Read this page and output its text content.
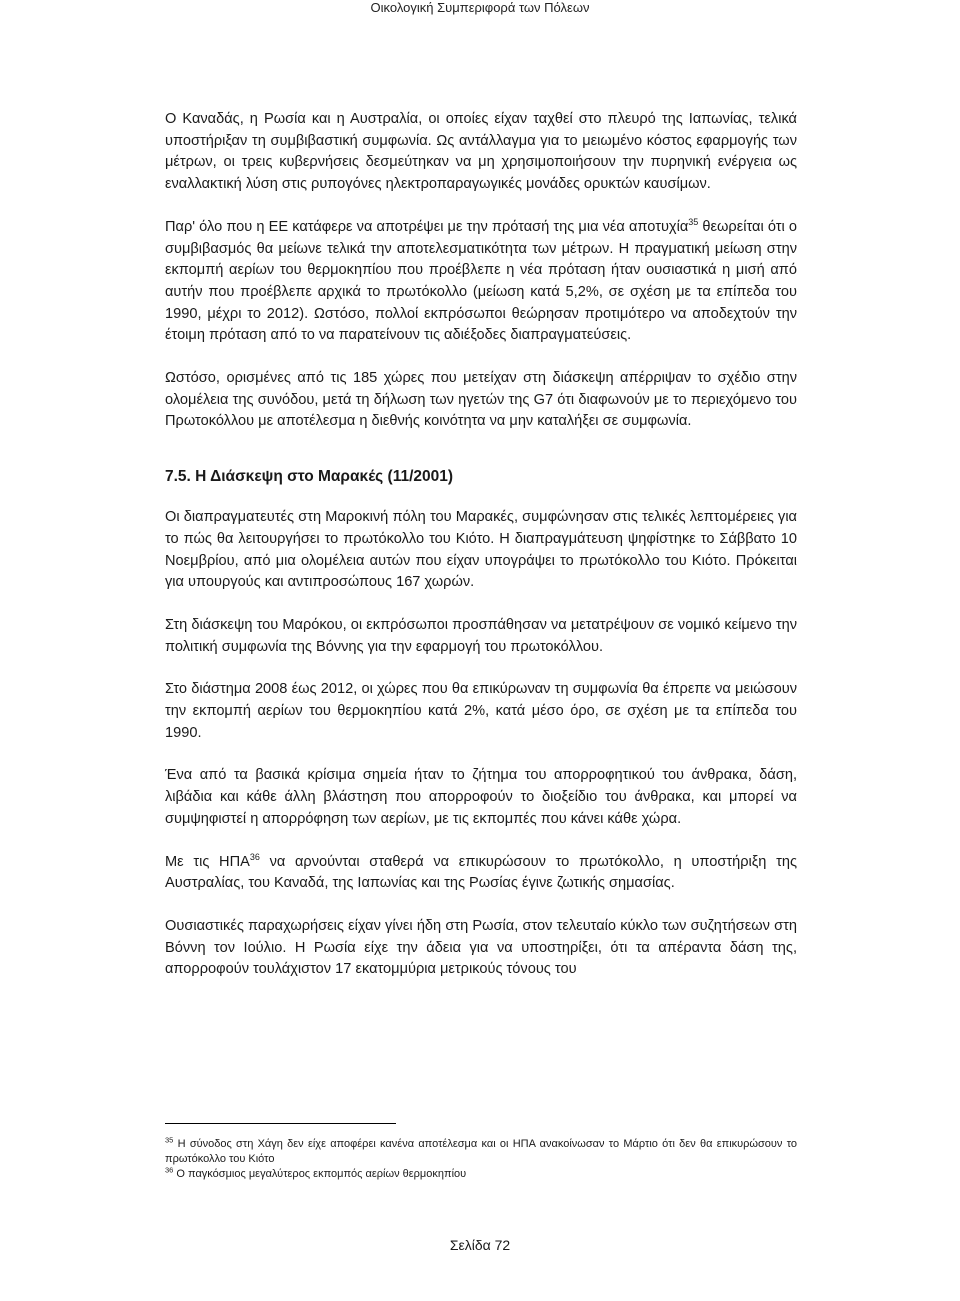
Οικολογική Συμπεριφορά των Πόλεων

Ο Καναδάς, η Ρωσία και η Αυστραλία, οι οποίες είχαν ταχθεί στο πλευρό της Ιαπωνίας, τελικά υποστήριξαν τη συμβιβαστική συμφωνία. Ως αντάλλαγμα για το μειωμένο κόστος εφαρμογής των μέτρων, οι τρεις κυβερνήσεις δεσμεύτηκαν να μη χρησιμοποιήσουν την πυρηνική ενέργεια ως εναλλακτική λύση στις ρυπογόνες ηλεκτροπαραγωγικές μονάδες ορυκτών καυσίμων.

Παρ' όλο που η ΕΕ κατάφερε να αποτρέψει με την πρότασή της μια νέα αποτυχία$^{35}$ θεωρείται ότι ο συμβιβασμός θα μείωνε τελικά την αποτελεσματικότητα των μέτρων. Η πραγματική μείωση στην εκπομπή αερίων του θερμοκηπίου που προέβλεπε η νέα πρόταση ήταν ουσιαστικά η μισή από αυτήν που προέβλεπε αρχικά το πρωτόκολλο (μείωση κατά 5,2%, σε σχέση με τα επίπεδα του 1990, μέχρι το 2012). Ωστόσο, πολλοί εκπρόσωποι θεώρησαν προτιμότερο να αποδεχτούν την έτοιμη πρόταση από το να παρατείνουν τις αδιέξοδες διαπραγματεύσεις.

Ωστόσο, ορισμένες από τις 185 χώρες που μετείχαν στη διάσκεψη απέρριψαν το σχέδιο στην ολομέλεια της συνόδου, μετά τη δήλωση των ηγετών της G7 ότι διαφωνούν με το περιεχόμενο του Πρωτοκόλλου με αποτέλεσμα η διεθνής κοινότητα να μην καταλήξει σε συμφωνία.

7.5. Η Διάσκεψη στο Μαρακές (11/2001)

Οι διαπραγματευτές στη Μαροκινή πόλη του Μαρακές, συμφώνησαν στις τελικές λεπτομέρειες για το πώς θα λειτουργήσει το πρωτόκολλο του Κιότο. Η διαπραγμάτευση ψηφίστηκε το Σάββατο 10 Νοεμβρίου, από μια ολομέλεια αυτών που είχαν υπογράψει το πρωτόκολλο του Κιότο. Πρόκειται για υπουργούς και αντιπροσώπους 167 χωρών.

Στη διάσκεψη του Μαρόκου, οι εκπρόσωποι προσπάθησαν να μετατρέψουν σε νομικό κείμενο την πολιτική συμφωνία της Βόννης για την εφαρμογή του πρωτοκόλλου.

Στο διάστημα 2008 έως 2012, οι χώρες που θα επικύρωναν τη συμφωνία θα έπρεπε να μειώσουν την εκπομπή αερίων του θερμοκηπίου κατά 2%, κατά μέσο όρο, σε σχέση με τα επίπεδα του 1990.

Ένα από τα βασικά κρίσιμα σημεία ήταν το ζήτημα του απορροφητικού του άνθρακα, δάση, λιβάδια και κάθε άλλη βλάστηση που απορροφούν το διοξείδιο του άνθρακα, και μπορεί να συμψηφιστεί η απορρόφηση των αερίων, με τις εκπομπές που κάνει κάθε χώρα.

Με τις ΗΠΑ$^{36}$ να αρνούνται σταθερά να επικυρώσουν το πρωτόκολλο, η υποστήριξη της Αυστραλίας, του Καναδά, της Ιαπωνίας και της Ρωσίας έγινε ζωτικής σημασίας.

Ουσιαστικές παραχωρήσεις είχαν γίνει ήδη στη Ρωσία, στον τελευταίο κύκλο των συζητήσεων στη Βόννη τον Ιούλιο. Η Ρωσία είχε την άδεια για να υποστηρίξει, ότι τα απέραντα δάση της, απορροφούν τουλάχιστον 17 εκατομμύρια μετρικούς τόνους του

$^{35}$ Η σύνοδος στη Χάγη δεν είχε αποφέρει κανένα αποτέλεσμα και οι ΗΠΑ ανακοίνωσαν το Μάρτιο ότι δεν θα επικυρώσουν το πρωτόκολλο του Κιότο

$^{36}$ Ο παγκόσμιος μεγαλύτερος εκπομπός αερίων θερμοκηπίου

Σελίδα 72
